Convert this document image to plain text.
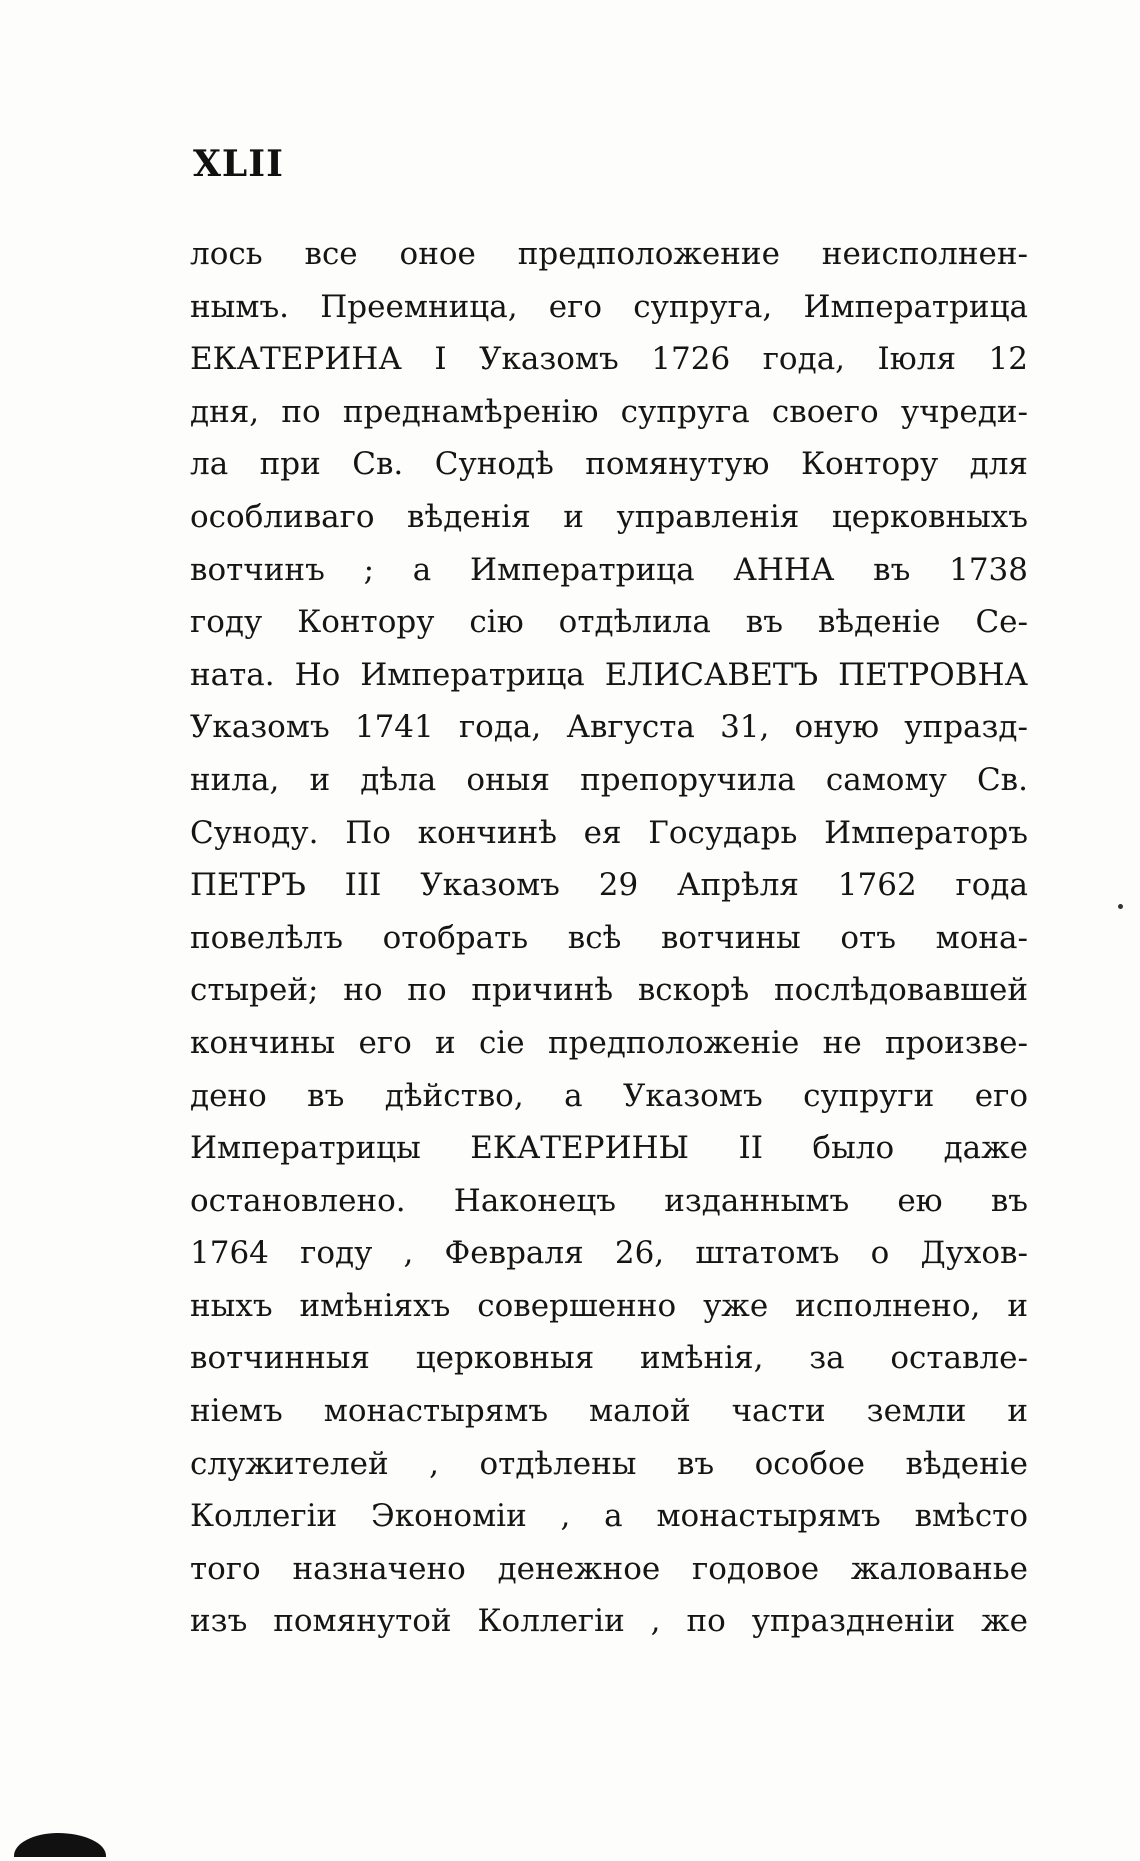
XLII
лось все оное предположение неисполнен-
нымъ. Преемница, его супруга, Императрица
ЕКАТЕРИНА I Указомъ 1726 года, Іюля 12
дня, по преднамѣренію супруга своего учреди-
ла при Св. Сунодѣ помянутую Контору для
особливаго вѣденія и управленія церковныхъ
вотчинъ ; а Императрица АННА въ 1738
году Контору сію отдѣлила въ вѣденіе Се-
ната. Но Императрица ЕЛИСАВЕТЪ ПЕТРОВНА
Указомъ 1741 года, Августа 31, оную упразд-
нила, и дѣла оныя препоручила самому Св.
Суноду. По кончинѣ ея Государь Императоръ
ПЕТРЪ III Указомъ 29 Апрѣля 1762 года
повелѣлъ отобрать всѣ вотчины отъ мона-
стырей; но по причинѣ вскорѣ послѣдовавшей
кончины его и сіе предположеніе не произве-
дено въ дѣйство, а Указомъ супруги его
Императрицы ЕКАТЕРИНЫ II было даже
остановлено. Наконецъ изданнымъ ею въ
1764 году , Февраля 26, штатомъ о Духов-
ныхъ имѣніяхъ совершенно уже исполнено, и
вотчинныя церковныя имѣнія, за оставле-
ніемъ монастырямъ малой части земли и
служителей , отдѣлены въ особое вѣденіе
Коллегіи Экономіи , а монастырямъ вмѣсто
того назначено денежное годовое жалованье
изъ помянутой Коллегіи , по упраздненіи же
